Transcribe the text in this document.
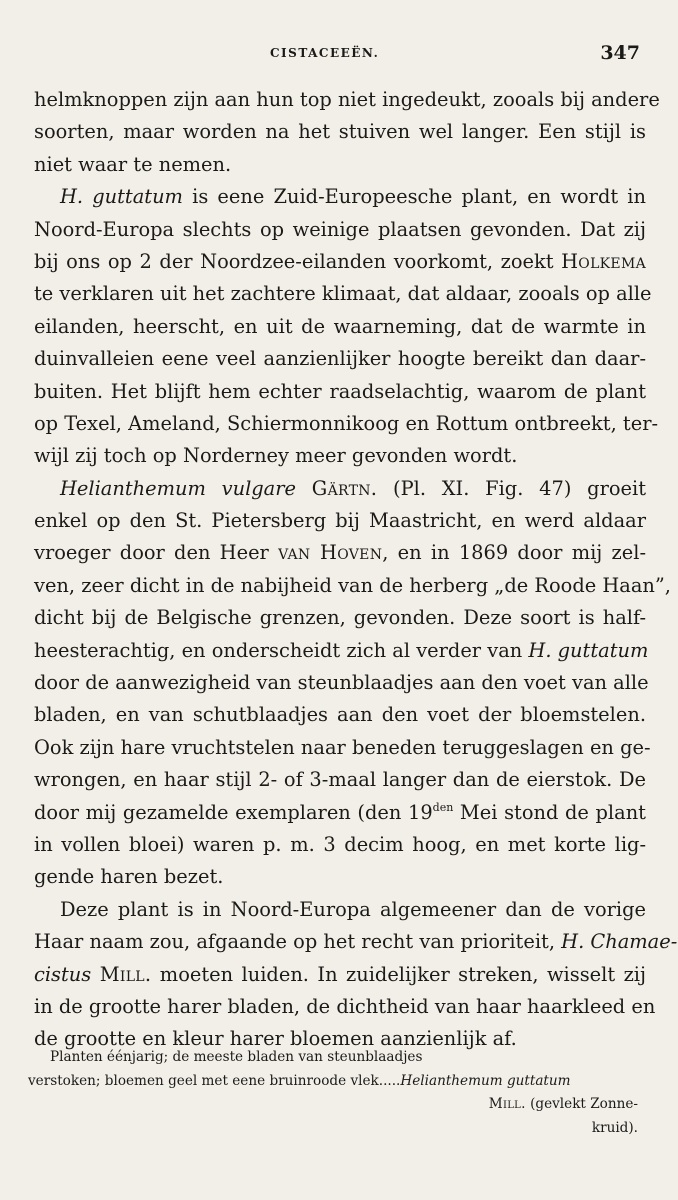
CISTACEEËN.	347
helmknoppen zijn aan hun top niet ingedeukt, zooals bij andere
soorten, maar worden na het stuiven wel langer. Een stijl is
niet waar te nemen.
H. guttatum is eene Zuid-Europeesche plant, en wordt in
Noord-Europa slechts op weinige plaatsen gevonden. Dat zij
bij ons op 2 der Noordzee-eilanden voorkomt, zoekt Holkema
te verklaren uit het zachtere klimaat, dat aldaar, zooals op alle
eilanden, heerscht, en uit de waarneming, dat de warmte in
duinvalleien eene veel aanzienlijker hoogte bereikt dan daar-
buiten. Het blijft hem echter raadselachtig, waarom de plant
op Texel, Ameland, Schiermonnikoog en Rottum ontbreekt, ter-
wijl zij toch op Norderney meer gevonden wordt.
Helianthemum vulgare Gärtn. (Pl. XI. Fig. 47) groeit
enkel op den St. Pietersberg bij Maastricht, en werd aldaar
vroeger door den Heer van Hoven, en in 1869 door mij zel-
ven, zeer dicht in de nabijheid van de herberg „de Roode Haan”,
dicht bij de Belgische grenzen, gevonden. Deze soort is half-
heesterachtig, en onderscheidt zich al verder van H. guttatum
door de aanwezigheid van steunblaadjes aan den voet van alle
bladen, en van schutblaadjes aan den voet der bloemstelen.
Ook zijn hare vruchtstelen naar beneden teruggeslagen en ge-
wrongen, en haar stijl 2- of 3-maal langer dan de eierstok. De
door mij gezamelde exemplaren (den $19^{den}$ Mei stond de plant
in vollen bloei) waren p. m. 3 decim hoog, en met korte lig-
gende haren bezet.
Deze plant is in Noord-Europa algemeener dan de vorige
Haar naam zou, afgaande op het recht van prioriteit, H. Chamae-
cistus Mill. moeten luiden. In zuidelijker streken, wisselt zij
in de grootte harer bladen, de dichtheid van haar haarkleed en
de grootte en kleur harer bloemen aanzienlijk af.
Planten éénjarig; de meeste bladen van steunblaadjes
verstoken; bloemen geel met eene bruinroode vlek.....Helianthemum guttatum
Mill. (gevlekt Zonne-
kruid).
